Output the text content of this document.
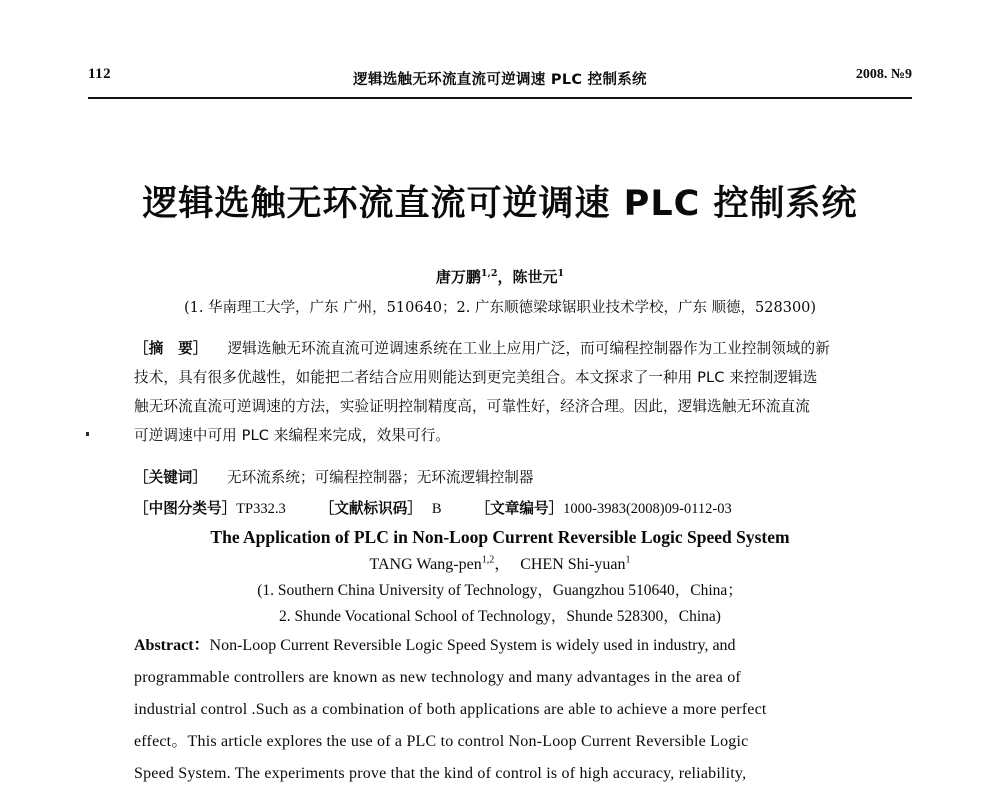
112	逻辑选触无环流直流可逆调速 PLC 控制系统	2008. №9
逻辑选触无环流直流可逆调速 PLC 控制系统
唐万鹏$^{1,2}$，陈世元$^1$
(1. 华南理工大学，广东 广州，510640；2. 广东顺德梁球锯职业技术学校，广东 顺德，528300)
［摘　要］ 逻辑选触无环流直流可逆调速系统在工业上应用广泛，而可编程控制器作为工业控制领域的新
技术，具有很多优越性，如能把二者结合应用则能达到更完美组合。本文探求了一种用 PLC 来控制逻辑选
触无环流直流可逆调速的方法，实验证明控制精度高，可靠性好，经济合理。因此，逻辑选触无环流直流
可逆调速中可用 PLC 来编程来完成，效果可行。
［关键词］ 无环流系统；可编程控制器；无环流逻辑控制器
［中图分类号］TP332.3 ［文献标识码］ B ［文章编号］1000-3983(2008)09-0112-03
The Application of PLC in Non-Loop Current Reversible Logic Speed System
TANG Wang-pen$^{1,2}$， CHEN Shi-yuan$^1$
(1. Southern China University of Technology，Guangzhou 510640，China；
2. Shunde Vocational School of Technology，Shunde 528300，China)
Abstract：Non-Loop Current Reversible Logic Speed System is widely used in industry, and
programmable controllers are known as new technology and many advantages in the area of
industrial control .Such as a combination of both applications are able to achieve a more perfect
effect。This article explores the use of a PLC to control Non-Loop Current Reversible Logic
Speed System. The experiments prove that the kind of control is of high accuracy, reliability,
